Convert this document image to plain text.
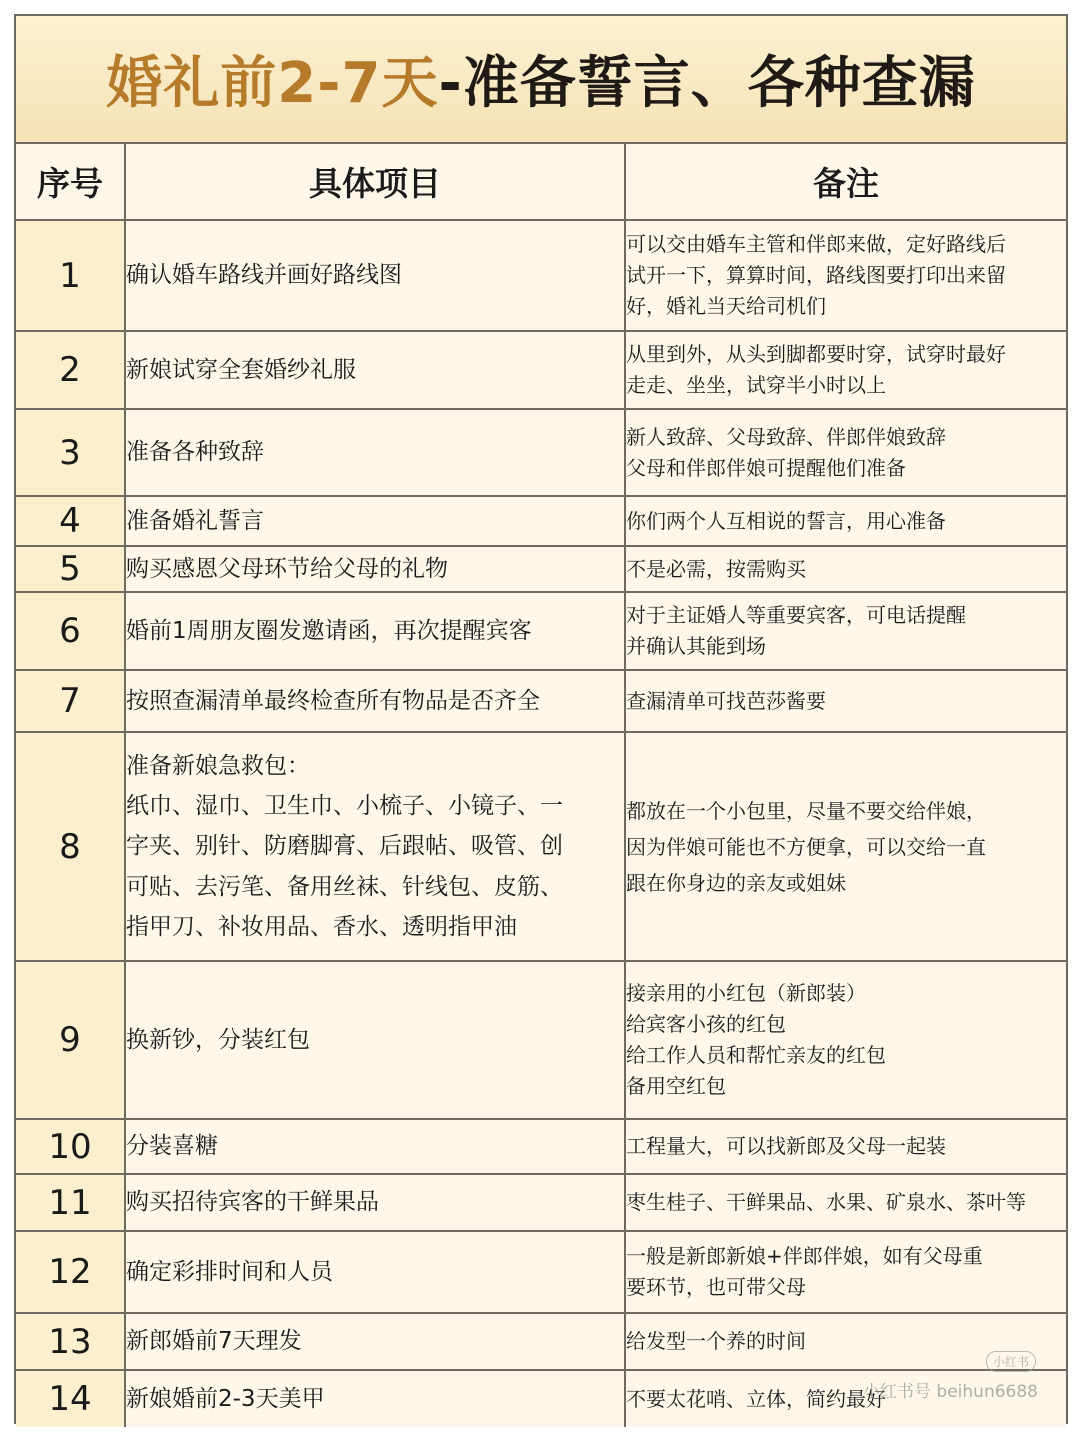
婚礼前2-7天-准备誓言、各种查漏
序号	具体项目	备注
1	确认婚车路线并画好路线图	可以交由婚车主管和伴郎来做，定好路线后
试开一下，算算时间，路线图要打印出来留
好，婚礼当天给司机们

2	新娘试穿全套婚纱礼服	从里到外，从头到脚都要时穿，试穿时最好
走走、坐坐，试穿半小时以上

3	准备各种致辞	新人致辞、父母致辞、伴郎伴娘致辞
父母和伴郎伴娘可提醒他们准备

4	准备婚礼誓言	你们两个人互相说的誓言，用心准备

5	购买感恩父母环节给父母的礼物	不是必需，按需购买

6	婚前1周朋友圈发邀请函，再次提醒宾客	对于主证婚人等重要宾客，可电话提醒
并确认其能到场

7	按照查漏清单最终检查所有物品是否齐全	查漏清单可找芭莎酱要

8	准备新娘急救包：
纸巾、湿巾、卫生巾、小梳子、小镜子、一
字夹、别针、防磨脚膏、后跟帖、吸管、创
可贴、去污笔、备用丝袜、针线包、皮筋、
指甲刀、补妆用品、香水、透明指甲油	都放在一个小包里，尽量不要交给伴娘，
因为伴娘可能也不方便拿，可以交给一直
跟在你身边的亲友或姐妹

9	换新钞，分装红包	接亲用的小红包（新郎装）
给宾客小孩的红包
给工作人员和帮忙亲友的红包
备用空红包

10	分装喜糖	工程量大，可以找新郎及父母一起装

11	购买招待宾客的干鲜果品	枣生桂子、干鲜果品、水果、矿泉水、茶叶等

12	确定彩排时间和人员	一般是新郎新娘+伴郎伴娘，如有父母重
要环节，也可带父母

13	新郎婚前7天理发	给发型一个养的时间

14	新娘婚前2-3天美甲	不要太花哨、立体，简约最好
小红书
小红书号 beihun6688
